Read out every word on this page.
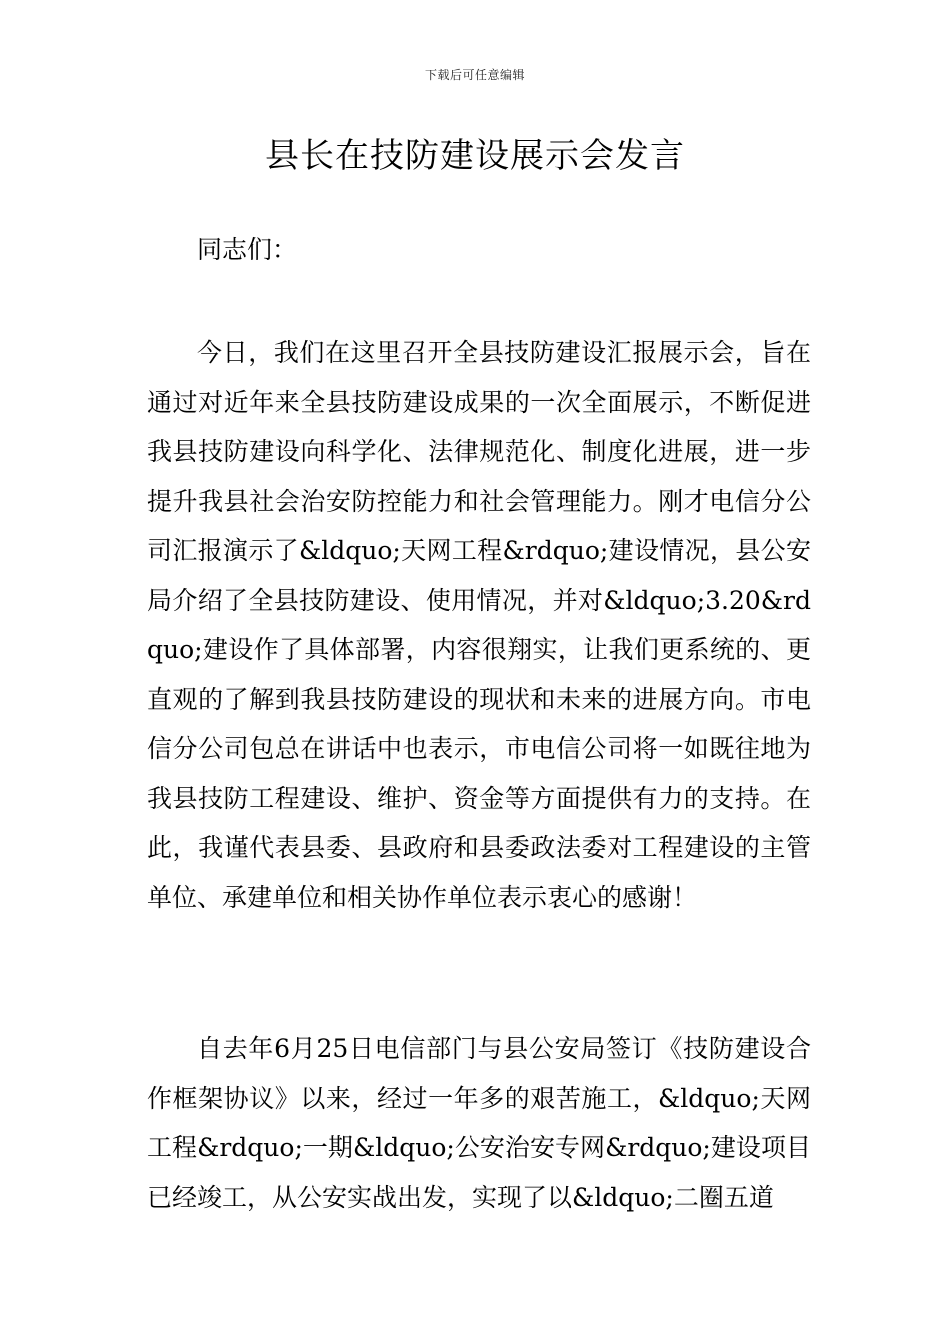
下载后可任意编辑
县长在技防建设展示会发言

同志们：

今日，我们在这里召开全县技防建设汇报展示会，旨在通过对近年来全县技防建设成果的一次全面展示，不断促进我县技防建设向科学化、法律规范化、制度化进展，进一步提升我县社会治安防控能力和社会管理能力。刚才电信分公司汇报演示了&ldquo;天网工程&rdquo;建设情况，县公安局介绍了全县技防建设、使用情况，并对&ldquo;3.20&rdquo;建设作了具体部署，内容很翔实，让我们更系统的、更直观的了解到我县技防建设的现状和未来的进展方向。市电信分公司包总在讲话中也表示，市电信公司将一如既往地为我县技防工程建设、维护、资金等方面提供有力的支持。在此，我谨代表县委、县政府和县委政法委对工程建设的主管单位、承建单位和相关协作单位表示衷心的感谢！

自去年6月25日电信部门与县公安局签订《技防建设合作框架协议》以来，经过一年多的艰苦施工，&ldquo;天网工程&rdquo;一期&ldquo;公安治安专网&rdquo;建设项目已经竣工，从公安实战出发，实现了以&ldquo;二圈五道
